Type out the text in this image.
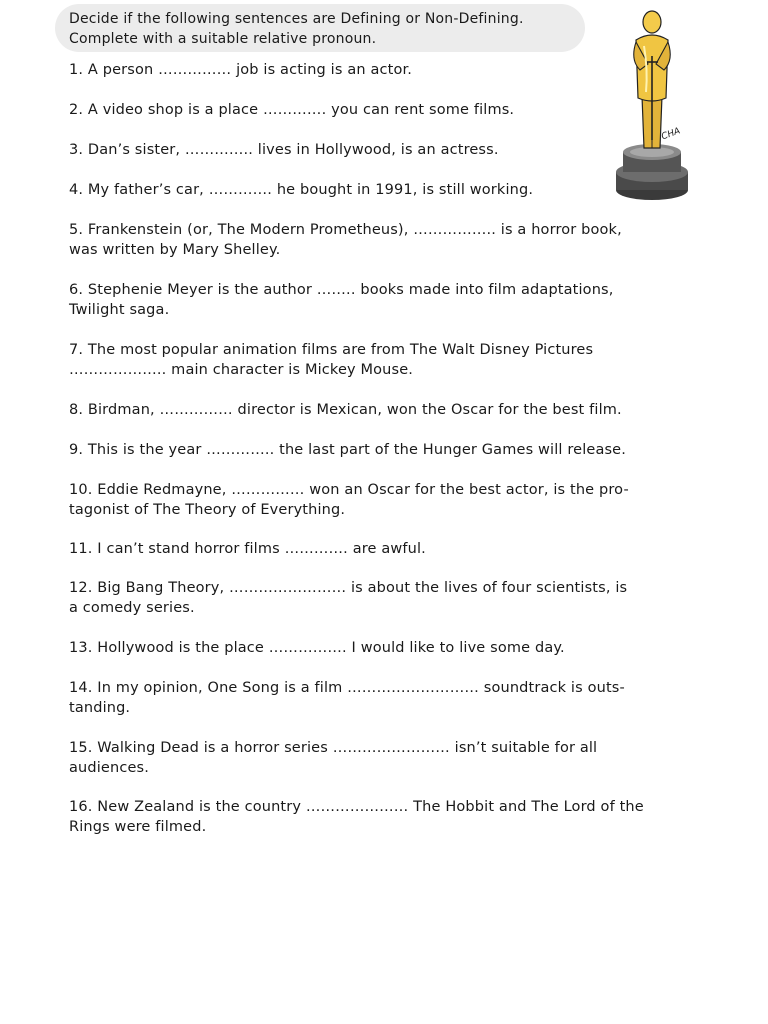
Decide if the following sentences are Defining or Non-Defining.
Complete with a suitable relative pronoun.
CHA
1. A person …………… job is acting is an actor.
2. A video shop is a place …………. you can rent some films.
3. Dan’s sister, ………….. lives in Hollywood, is an actress.
4. My father’s car, …………. he bought in 1991, is still working.
5. Frankenstein (or, The Modern Prometheus), …………….. is a horror book,
was written by Mary Shelley.
6. Stephenie Meyer is the author …….. books made into film adaptations,
Twilight saga.
7. The most popular animation films are from The Walt Disney Pictures
……………….. main character is Mickey Mouse.
8. Birdman, …………… director is Mexican, won the Oscar for the best film.
9. This is the year ………….. the last part of the Hunger Games will release.
10. Eddie Redmayne, …………… won an Oscar for the best actor, is the pro-
tagonist of The Theory of Everything.
11. I can’t stand horror films …………. are awful.
12. Big Bang Theory, …………………… is about the lives of four scientists, is
a comedy series.
13. Hollywood is the place ……………. I would like to live some day.
14. In my opinion, One Song is a film ……………………… soundtrack is outs-
tanding.
15. Walking Dead is a horror series …………………… isn’t suitable for all
audiences.
16. New Zealand is the country ………………… The Hobbit and The Lord of the
Rings were filmed.
